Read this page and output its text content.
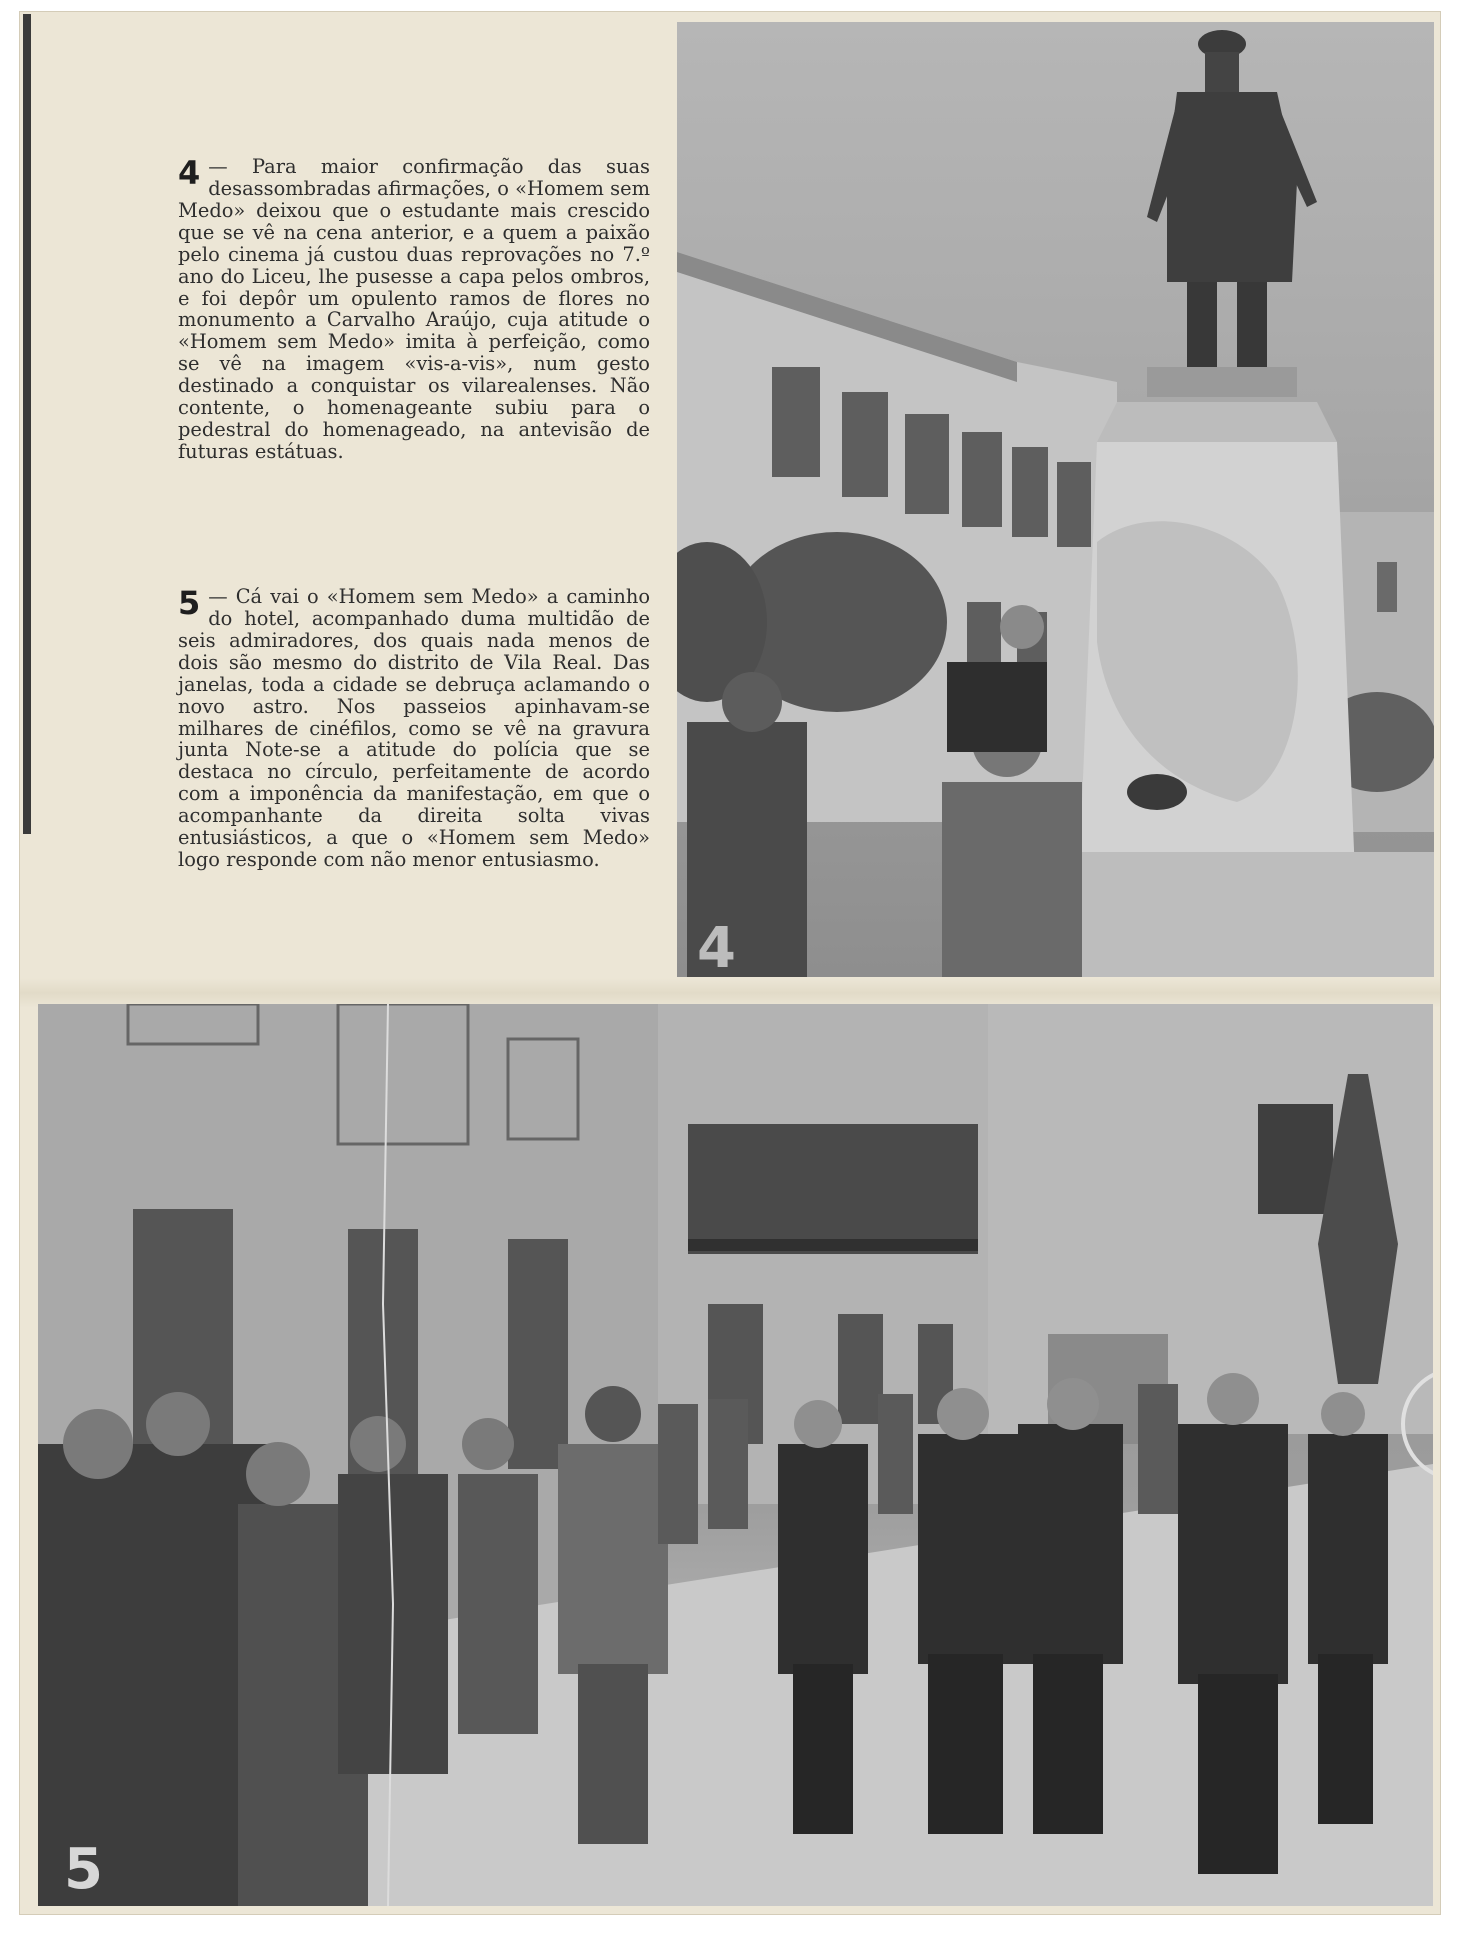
4 — Para maior confirmação das suas desassombradas afirmações, o «Homem sem Medo» deixou que o estudante mais crescido que se vê na cena anterior, e a quem a paixão pelo cinema já custou duas reprovações no 7.º ano do Liceu, lhe pusesse a capa pelos ombros, e foi depôr um opulento ramos de flores no monumento a Carvalho Araújo, cuja atitude o «Homem sem Medo» imita à perfeição, como se vê na imagem «vis-a-vis», num gesto destinado a conquistar os vilarealenses. Não contente, o homenageante subiu para o pedestral do homenageado, na antevisão de futuras estátuas.
5 — Cá vai o «Homem sem Medo» a caminho do hotel, acompanhado duma multidão de seis admiradores, dos quais nada menos de dois são mesmo do distrito de Vila Real. Das janelas, toda a cidade se debruça aclamando o novo astro. Nos passeios apinhavam-se milhares de cinéfilos, como se vê na gravura junta Note-se a atitude do polícia que se destaca no círculo, perfeitamente de acordo com a imponência da manifestação, em que o acompanhante da direita solta vivas entusiásticos, a que o «Homem sem Medo» logo responde com não menor entusiasmo.
4
5
